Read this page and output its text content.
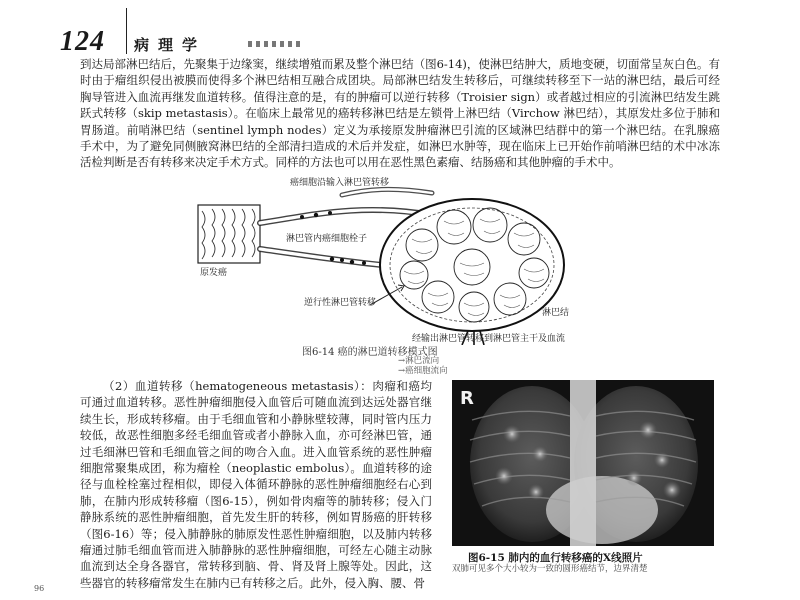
124 病理学

到达局部淋巴结后，先聚集于边缘窦，继续增殖而累及整个淋巴结（图6-14)，使淋巴结肿大，质地变硬，切面常呈灰白色。有时由于瘤组织侵出被膜而使得多个淋巴结相互融合成团块。局部淋巴结发生转移后，可继续转移至下一站的淋巴结，最后可经胸导管进入血流再继发血道转移。值得注意的是，有的肿瘤可以逆行转移（Troisier sign）或者越过相应的引流淋巴结发生跳跃式转移（skip metastasis）。在临床上最常见的癌转移淋巴结是左锁骨上淋巴结（Virchow 淋巴结），其原发灶多位于肺和胃肠道。前哨淋巴结（sentinel lymph nodes）定义为承接原发肿瘤淋巴引流的区域淋巴结群中的第一个淋巴结。在乳腺癌手术中，为了避免同侧腋窝淋巴结的全部清扫造成的术后并发症，如淋巴水肿等，现在临床上已开始作前哨淋巴结的术中冰冻活检判断是否有转移来决定手术方式。同样的方法也可以用在恶性黑色素瘤、结肠癌和其他肿瘤的手术中。

癌细胞沿输入淋巴管转移
淋巴管内癌细胞栓子
原发癌
逆行性淋巴管转移
淋巴结
经输出淋巴管转移到淋巴管主干及血流
图6-14 癌的淋巴道转移模式图
→淋巴流向
→癌细胞流向

（2）血道转移（hematogeneous metastasis）：肉瘤和癌均可通过血道转移。恶性肿瘤细胞侵入血管后可随血流到达远处器官继续生长，形成转移瘤。由于毛细血管和小静脉壁较薄，同时管内压力较低，故恶性细胞多经毛细血管或者小静脉入血，亦可经淋巴管，通过毛细淋巴管和毛细血管之间的吻合入血。进入血管系统的恶性肿瘤细胞常聚集成团，称为瘤栓（neoplastic embolus）。血道转移的途径与血栓栓塞过程相似，即侵入体循环静脉的恶性肿瘤细胞经右心到肺，在肺内形成转移瘤（图6-15），例如骨肉瘤等的肺转移；侵入门静脉系统的恶性肿瘤细胞，首先发生肝的转移，例如胃肠癌的肝转移（图6-16）等；侵入肺静脉的肺原发性恶性肿瘤细胞，以及肺内转移瘤通过肺毛细血管而进入肺静脉的恶性肿瘤细胞，可经左心随主动脉血流到达全身各器官，常转移到脑、骨、肾及肾上腺等处。因此，这些器官的转移瘤常发生在肺内已有转移之后。此外，侵入胸、腰、骨

R
图6-15 肺内的血行转移癌的X线照片
双肺可见多个大小较为一致的圆形癌结节，边界清楚
96
